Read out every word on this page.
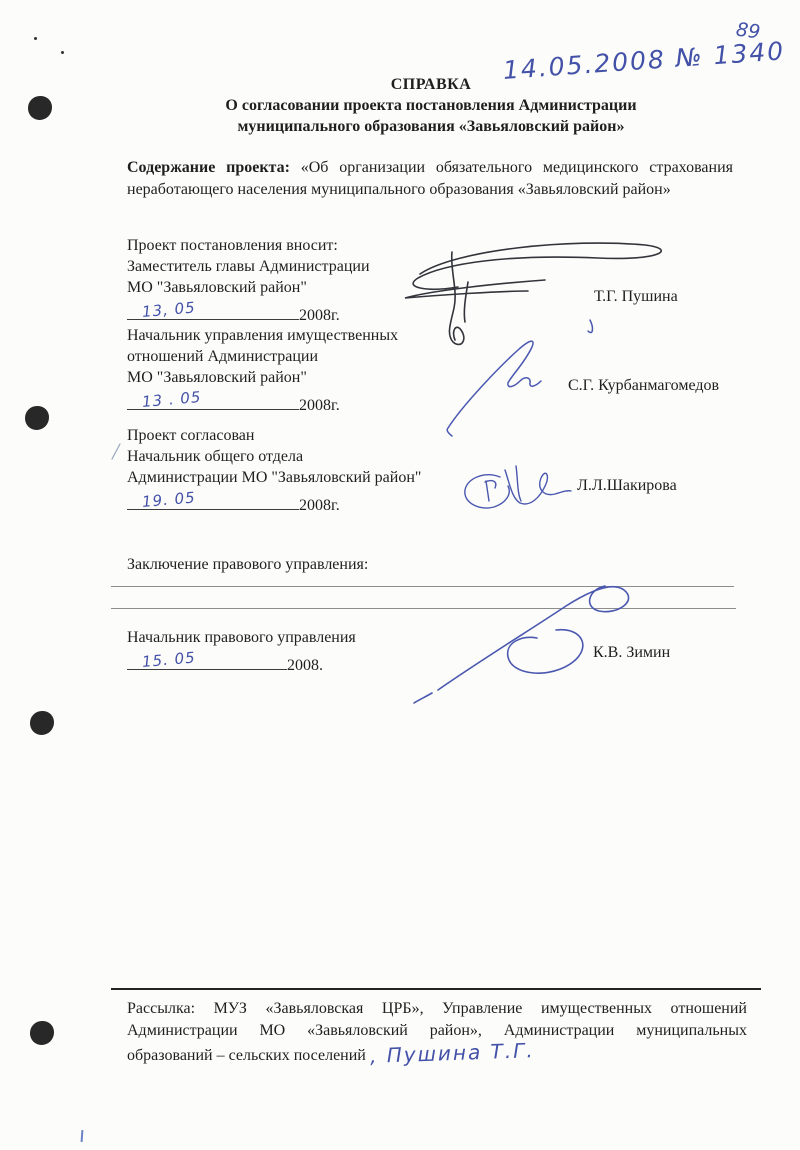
89
14.05.2008 № 1340
СПРАВКА
О согласовании проекта постановления Администрации
муниципального образования «Завьяловский район»

Содержание проекта: «Об организации обязательного медицинского страхования неработающего населения муниципального образования «Завьяловский район»

Проект постановления вносит:
Заместитель главы Администрации
МО "Завьяловский район"
13, 05	2008г.
Т.Г. Пушина
Начальник управления имущественных
отношений Администрации
МО "Завьяловский район"
13 . 05	2008г.
С.Г. Курбанмагомедов
Проект согласован
Начальник общего отдела
Администрации МО "Завьяловский район"
19. 05	2008г.
Л.Л.Шакирова
Заключение правового управления:
Начальник правового управления
15. 05	2008.
К.В. Зимин

Рассылка: МУЗ «Завьяловская ЦРБ», Управление имущественных отношений Администрации МО «Завьяловский район», Администрации муниципальных образований – сельских поселений , Пушина Т.Г.
